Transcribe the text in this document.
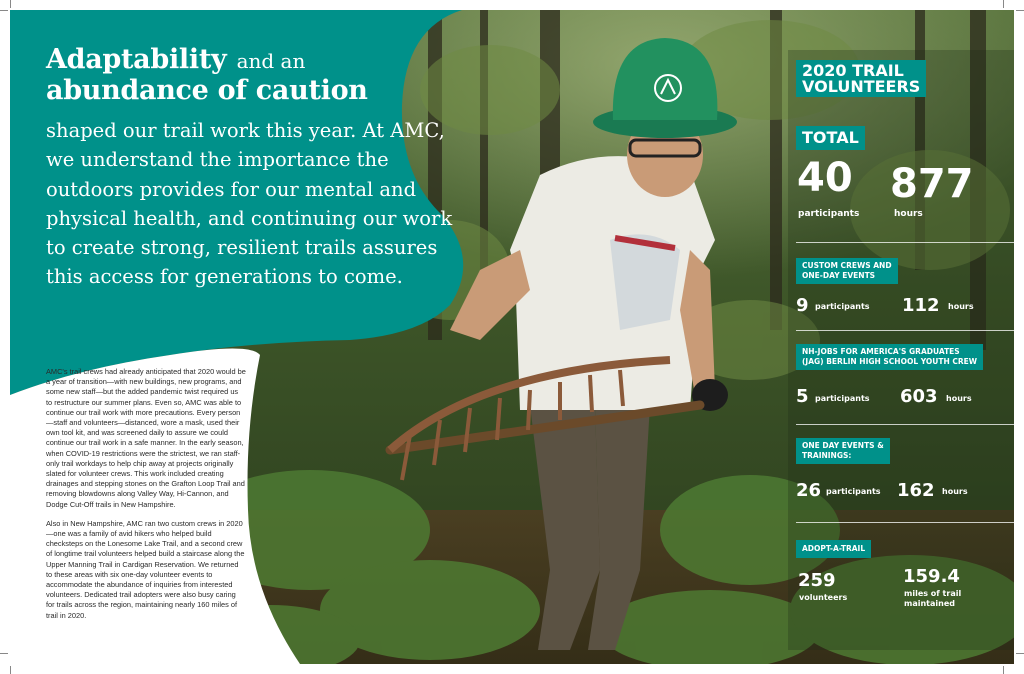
Adaptability and an
abundance of caution

shaped our trail work this year. At AMC, we understand the importance the outdoors provides for our mental and physical health, and continuing our work to create strong, resilient trails assures this access for generations to come.

AMC's trail crews had already anticipated that 2020 would be a year of transition—with new buildings, new programs, and some new staff—but the added pandemic twist required us to restructure our summer plans. Even so, AMC was able to continue our trail work with more precautions. Every person—staff and volunteers—distanced, wore a mask, used their own tool kit, and was screened daily to assure we could continue our trail work in a safe manner. In the early season, when COVID-19 restrictions were the strictest, we ran staff-only trail workdays to help chip away at projects originally slated for volunteer crews. This work included creating drainages and stepping stones on the Grafton Loop Trail and removing blowdowns along Valley Way, Hi-Cannon, and Dodge Cut-Off trails in New Hampshire.

Also in New Hampshire, AMC ran two custom crews in 2020—one was a family of avid hikers who helped build checksteps on the Lonesome Lake Trail, and a second crew of longtime trail volunteers helped build a staircase along the Upper Manning Trail in Cardigan Reservation. We returned to these areas with six one-day volunteer events to accommodate the abundance of inquiries from interested volunteers. Dedicated trail adopters were also busy caring for trails across the region, maintaining nearly 160 miles of trail in 2020.

2020 TRAIL
VOLUNTEERS
TOTAL
40
participants
877
hours
CUSTOM CREWS AND
ONE-DAY EVENTS
9 participants 112 hours
NH-JOBS FOR AMERICA'S GRADUATES
(JAG) BERLIN HIGH SCHOOL YOUTH CREW
5 participants 603 hours
ONE DAY EVENTS &
TRAININGS:
26 participants 162 hours
ADOPT-A-TRAIL
259
volunteers
159.4
miles of trail
maintained
